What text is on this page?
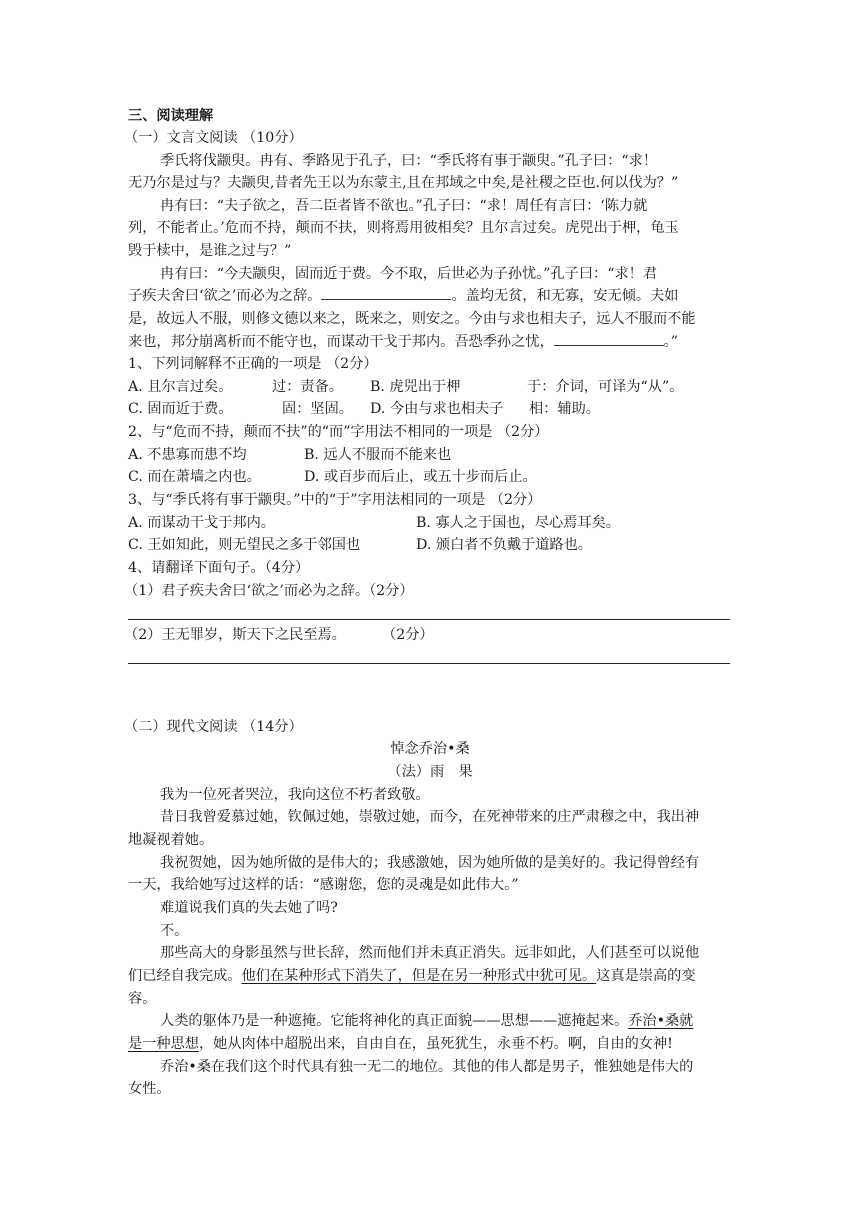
三、阅读理解
（一）文言文阅读 （10分）
季氏将伐颛臾。冉有、季路见于孔子，曰：“季氏将有事于颛臾。”孔子曰：“求！
无乃尔是过与？夫颛臾,昔者先王以为东蒙主,且在邦域之中矣,是社稷之臣也.何以伐为？”
冉有曰：“夫子欲之，吾二臣者皆不欲也。”孔子曰：“求！周任有言曰：‘陈力就
列，不能者止。’危而不持，颠而不扶，则将焉用彼相矣？且尔言过矣。虎兕出于柙，龟玉
毁于椟中，是谁之过与？”
冉有曰：“今夫颛臾，固而近于费。今不取，后世必为子孙忧。”孔子曰：“求！君
子疾夫舍曰‘欲之’而必为之辞。	。盖均无贫，和无寡，安无倾。夫如
是，故远人不服，则修文德以来之，既来之，则安之。今由与求也相夫子，远人不服而不能
来也，邦分崩离析而不能守也，而谋动干戈于邦内。吾恐季孙之忧，	。”
1、下列词解释不正确的一项是 （2分）
A. 且尔言过矣。	过：责备。 B. 虎兕出于柙	于：介词，可译为“从”。
C. 固而近于费。	固：坚固。 D. 今由与求也相夫子 相：辅助。
2、与“危而不持，颠而不扶”的“而”字用法不相同的一项是 （2分）
A. 不患寡而患不均	B. 远人不服而不能来也
C. 而在萧墙之内也。	D. 或百步而后止，或五十步而后止。
3、与“季氏将有事于颛臾。”中的“于”字用法相同的一项是 （2分）
A. 而谋动干戈于邦内。	B. 寡人之于国也，尽心焉耳矣。
C. 王如知此，则无望民之多于邻国也	D. 颁白者不负戴于道路也。
4、请翻译下面句子。（4分）
（1）君子疾夫舍曰‘欲之’而必为之辞。（2分）
（2）王无罪岁，斯天下之民至焉。	（2分）
（二）现代文阅读 （14分）
悼念乔治•桑
（法）雨　果
我为一位死者哭泣，我向这位不朽者致敬。
昔日我曾爱慕过她，钦佩过她，崇敬过她，而今，在死神带来的庄严肃穆之中，我出神
地凝视着她。
我祝贺她，因为她所做的是伟大的；我感激她，因为她所做的是美好的。我记得曾经有
一天，我给她写过这样的话：“感谢您，您的灵魂是如此伟大。”
难道说我们真的失去她了吗?
不。
那些高大的身影虽然与世长辞，然而他们并未真正消失。远非如此，人们甚至可以说他
们已经自我完成。他们在某种形式下消失了，但是在另一种形式中犹可见。这真是崇高的变
容。
人类的躯体乃是一种遮掩。它能将神化的真正面貌——思想——遮掩起来。乔治•桑就
是一种思想，她从肉体中超脱出来，自由自在，虽死犹生，永垂不朽。啊，自由的女神!
乔治•桑在我们这个时代具有独一无二的地位。其他的伟人都是男子，惟独她是伟大的
女性。
